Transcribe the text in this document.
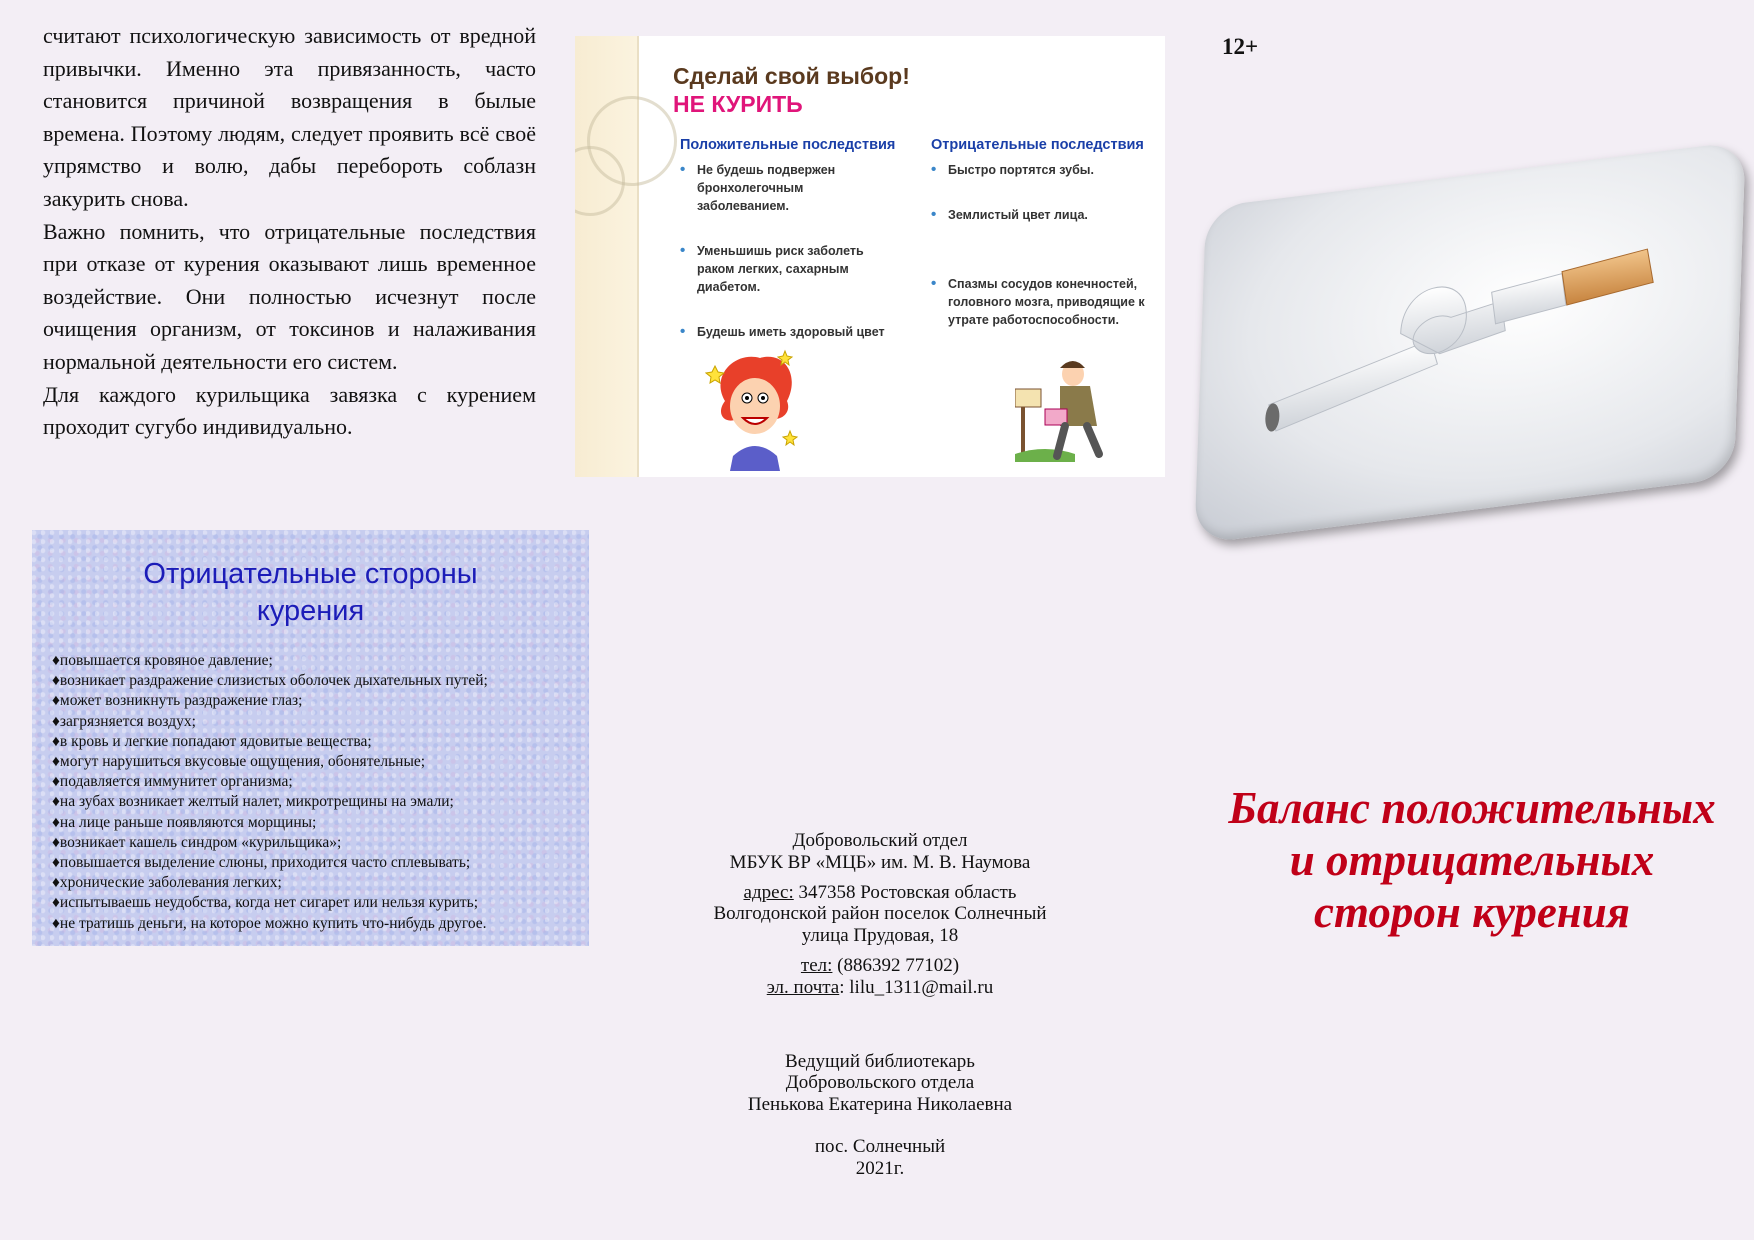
считают психологическую зависимость от вредной привычки. Именно эта привязанность, часто становится причиной возвращения в былые времена. Поэтому людям, следует проявить всё своё упрямство и волю, дабы перебороть соблазн закурить снова.

Важно помнить, что отрицательные последствия при отказе от курения оказывают лишь временное воздействие. Они полностью исчезнут после очищения организм, от токсинов и налаживания нормальной деятельности его систем.

Для каждого курильщика завязка с курением проходит сугубо индивидуально.

Отрицательные стороны
курения
♦ повышается кровяное давление;
♦ возникает раздражение слизистых оболочек дыхательных путей;
♦ может возникнуть раздражение глаз;
♦ загрязняется воздух;
♦ в кровь и легкие попадают ядовитые вещества;
♦ могут нарушиться вкусовые ощущения, обонятельные;
♦ подавляется иммунитет организма;
♦ на зубах возникает желтый налет, микротрещины на эмали;
♦ на лице раньше появляются морщины;
♦ возникает кашель синдром «курильщика»;
♦ повышается выделение слюны, приходится часто сплевывать;
♦ хронические заболевания легких;
♦ испытываешь неудобства, когда нет сигарет или нельзя курить;
♦ не тратишь деньги, на которое можно купить что-нибудь другое.
Сделай свой выбор!
НЕ КУРИТЬ
Положительные последствия
• Не будешь подвержен бронхолегочным заболеванием.
• Уменьшишь риск заболеть раком легких, сахарным диабетом.
• Будешь иметь здоровый цвет
Отрицательные последствия
• Быстро портятся зубы.
• Землистый цвет лица.
• Спазмы сосудов конечностей, головного мозга, приводящие к утрате работоспособности.
12+
Баланс положительных
и отрицательных
сторон курения
Добровольский отдел
МБУК ВР «МЦБ» им. М. В. Наумова
адрес: 347358 Ростовская область
Волгодонской район поселок Солнечный
улица Прудовая, 18
тел: (886392 77102)
эл. почта: lilu_1311@mail.ru
Ведущий библиотекарь
Добровольского отдела
Пенькова Екатерина Николаевна
пос. Солнечный
2021г.
